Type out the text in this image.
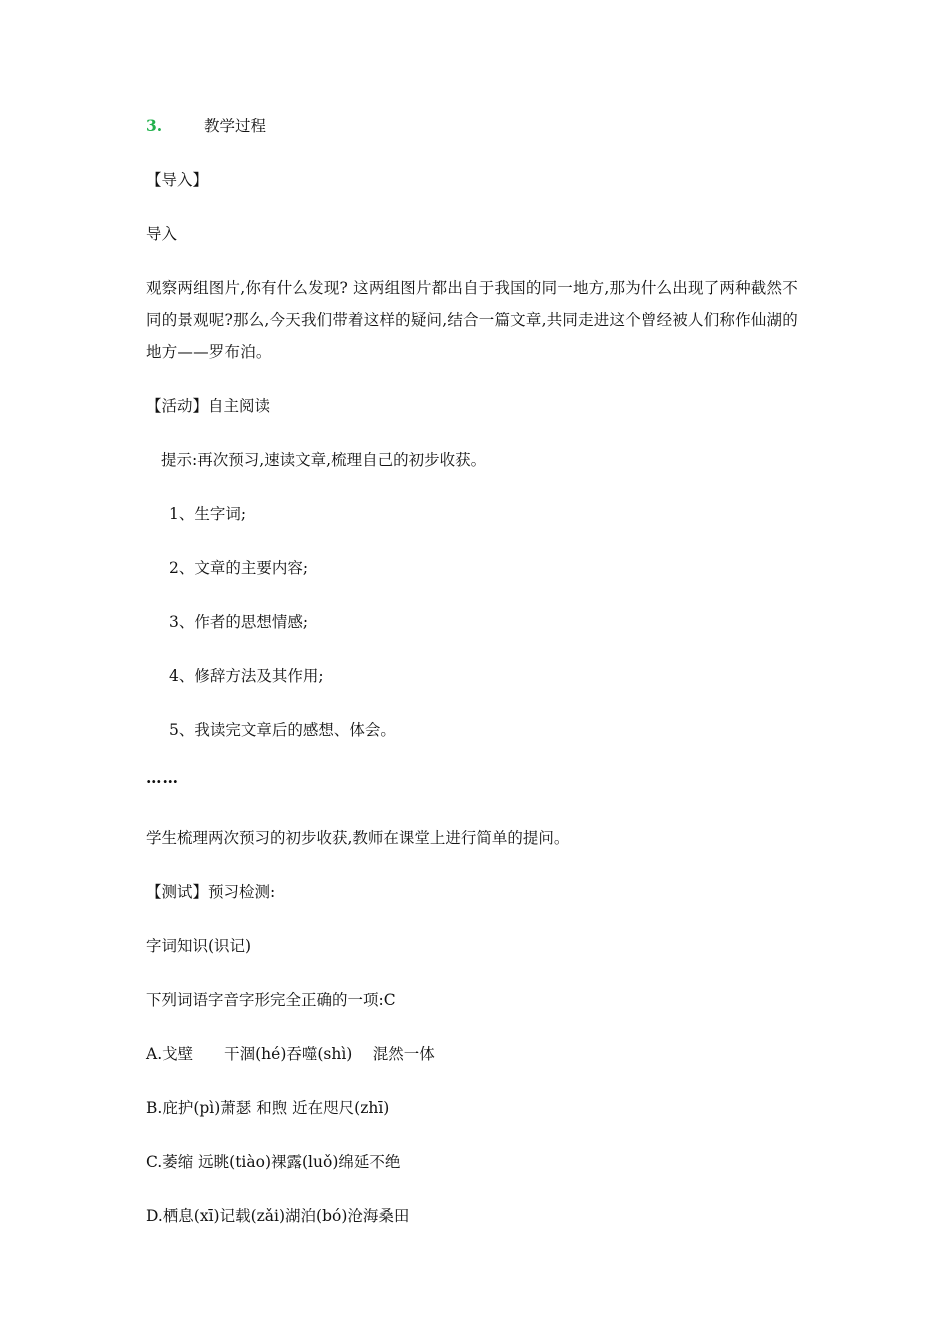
3.	教学过程
【导入】
导入
观察两组图片,你有什么发现? 这两组图片都出自于我国的同一地方,那为什么出现了两种截然不同的景观呢?那么,今天我们带着这样的疑问,结合一篇文章,共同走进这个曾经被人们称作仙湖的地方——罗布泊。
【活动】自主阅读
提示:再次预习,速读文章,梳理自己的初步收获。
1、生字词;
2、文章的主要内容;
3、作者的思想情感;
4、修辞方法及其作用;
5、我读完文章后的感想、体会。
……
学生梳理两次预习的初步收获,教师在课堂上进行简单的提问。
【测试】预习检测:
字词知识(识记)
下列词语字音字形完全正确的一项:C
A.戈壁　　干涸(hé)吞噬(shì)　 混然一体
B.庇护(pì)萧瑟 和煦 近在咫尺(zhī)
C.萎缩 远眺(tiào)裸露(luǒ)绵延不绝
D.栖息(xī)记载(zǎi)湖泊(bó)沧海桑田
